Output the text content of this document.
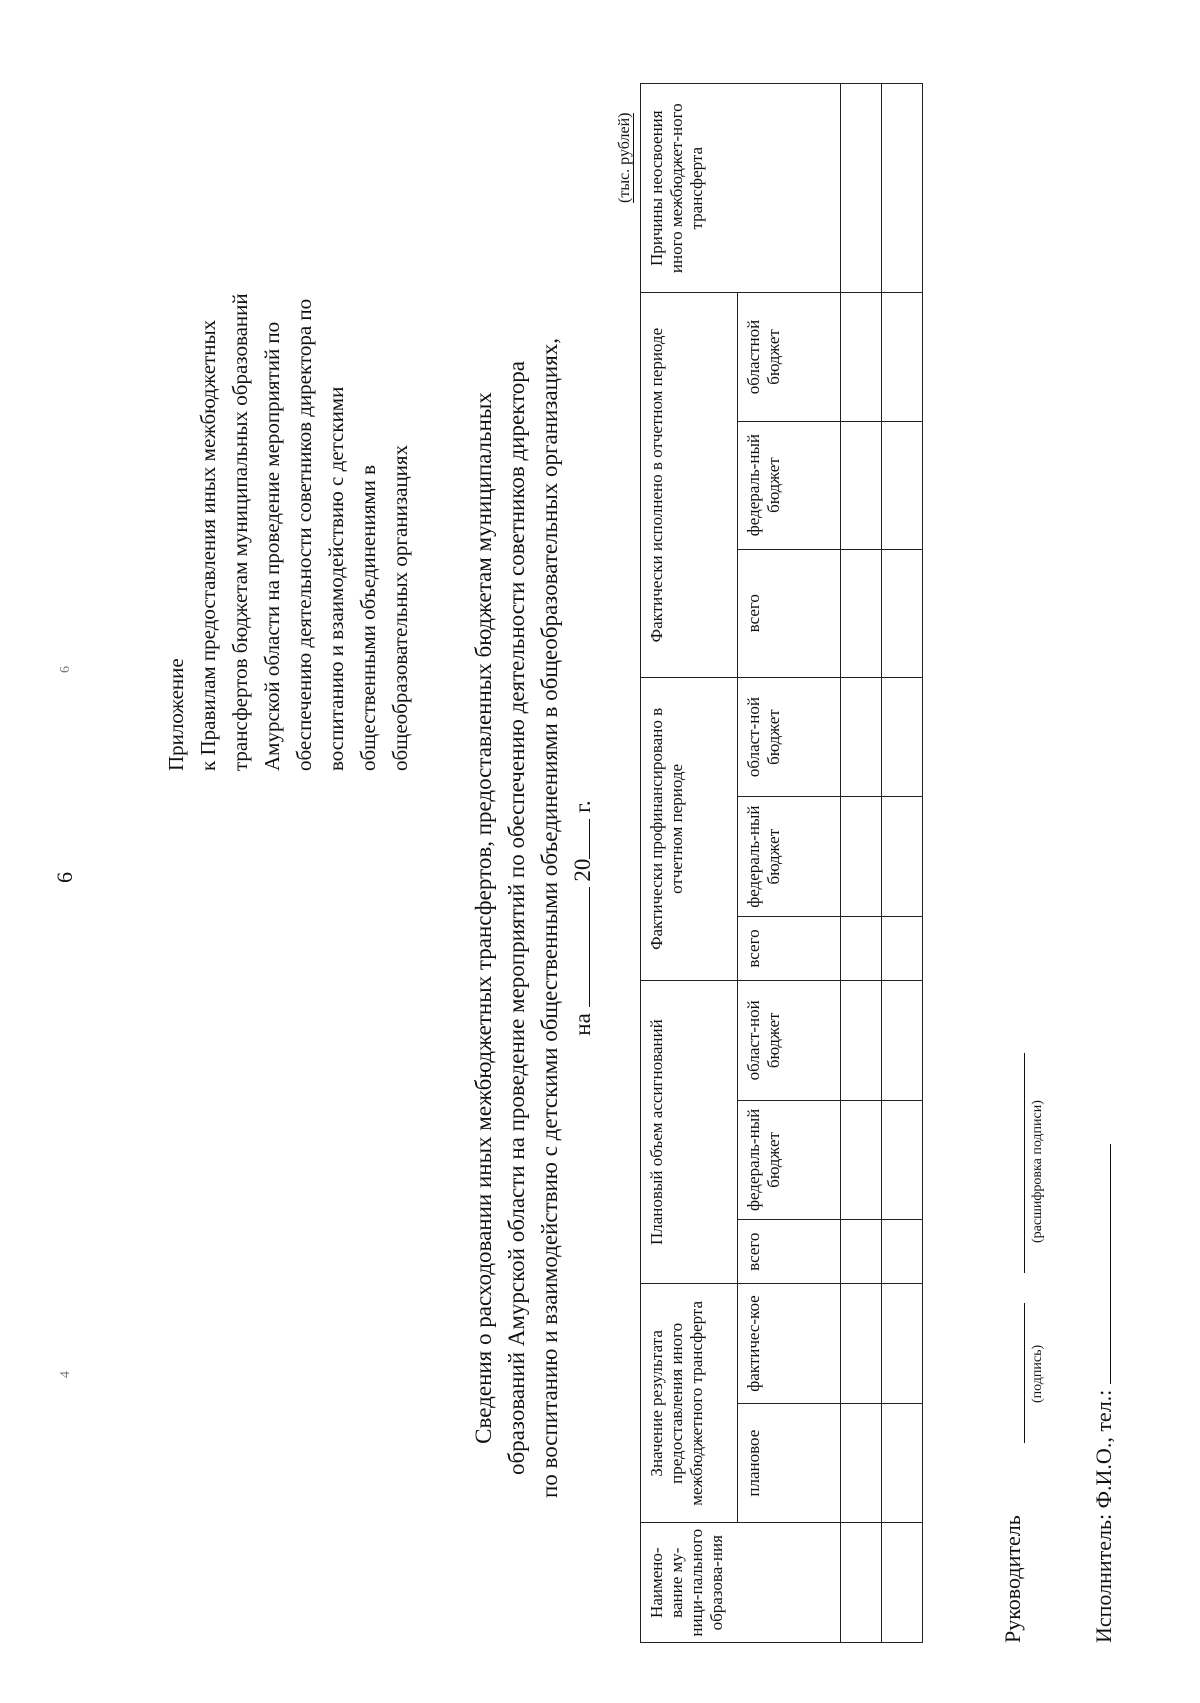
6
6
4
Приложение к Правилам предоставления иных межбюджетных трансфертов бюджетам муниципальных образований Амурской области на проведение мероприятий по обеспечению деятельности советников директора по воспитанию и взаимодействию с детскими общественными объединениями в общеобразовательных организациях	Сведения о расходовании иных межбюджетных трансфертов, предоставленных бюджетам муниципальных образований Амурской области на проведение мероприятий по обеспечению деятельности советников директора по воспитанию и взаимодействию с детскими общественными объединениями в общеобразовательных организациях, на  20 г.
(тыс. рублей)
Наимено-вание му-ници-пального образова-ния	Значение результата предоставления иного межбюджетного трансферта		Плановый объем ассигнований			Фактически профинансировано в отчетном периоде			Фактически исполнено в отчетном периоде			Причины неосвоения иного межбюджет-ного трансферта
	плановое	фактичес-кое	всего	федераль-ный бюджет	област-ной бюджет	всего	федераль-ный бюджет	област-ной бюджет	всего	федераль-ный бюджет	областной бюджет	

Руководитель
(подпись)
(расшифровка подписи)
Исполнитель: Ф.И.О., тел.:
